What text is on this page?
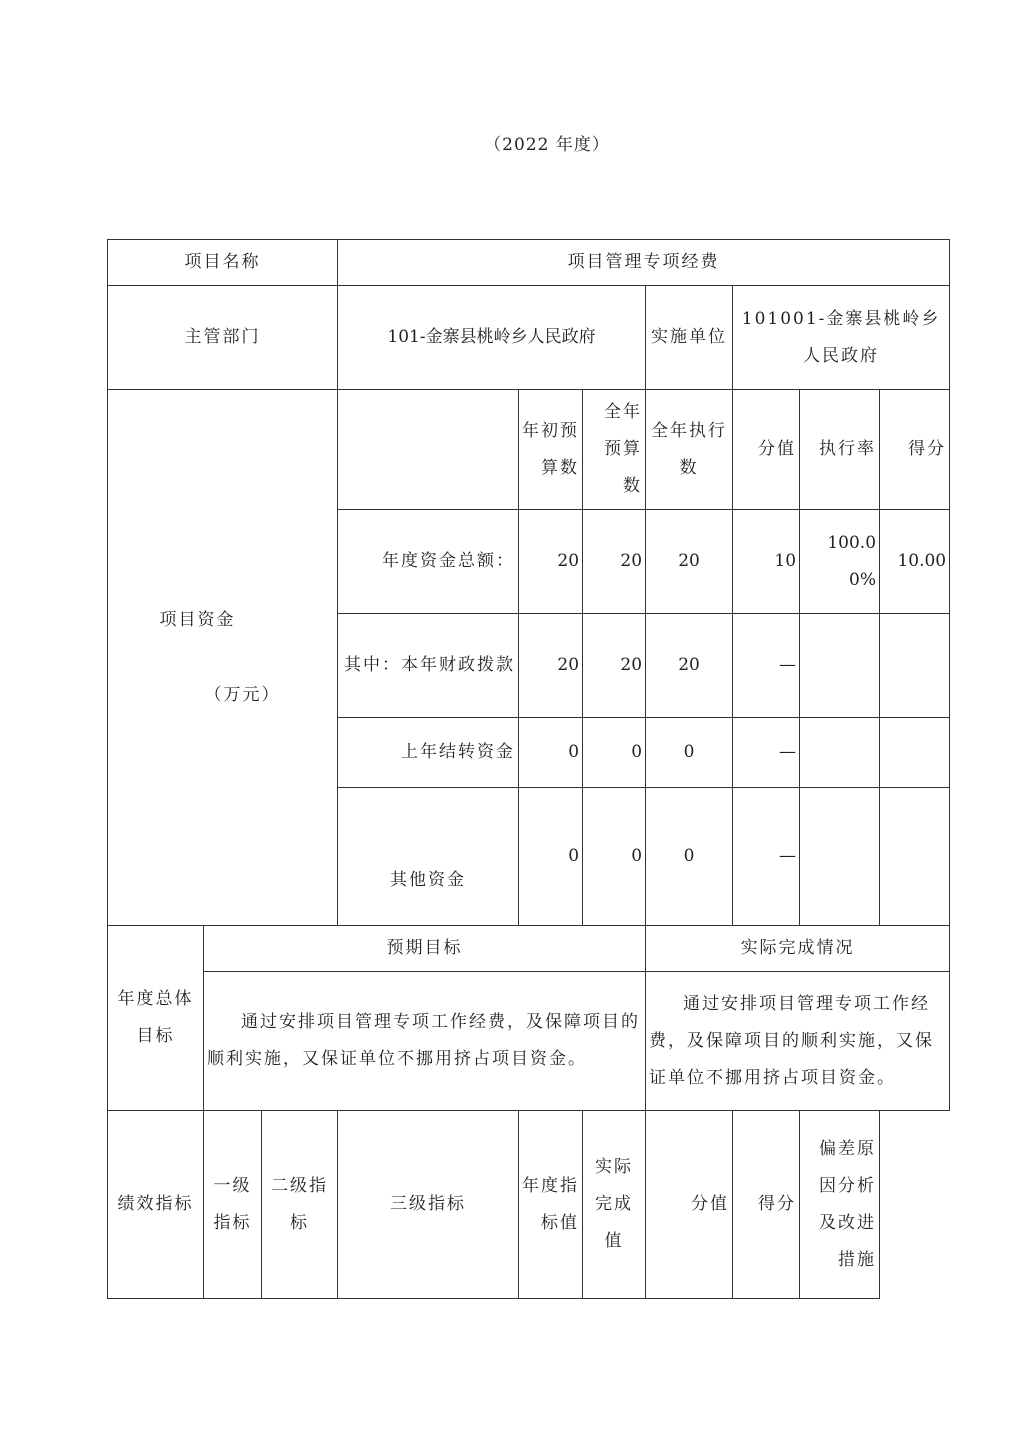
（2022 年度）
项目名称			项目管理专项经费						
主管部门			101-金寨县桃岭乡人民政府			实施单位	101001-金寨县桃岭乡人民政府		

项目资金
（万元）				年初预算数	全年预算数	全年执行数	分值	执行率	得分
			年度资金总额：	20	20	20	10	100.00%	10.00
			其中：本年财政拨款	20	20	20	—		
			上年结转资金	0	0	0	—		
			其他资金	0	0	0	—		
年度总体目标	预期目标					实际完成情况			
	通过安排项目管理专项工作经费，及保障项目的顺利实施，又保证单位不挪用挤占项目资金。					通过安排项目管理专项工作经费，及保障项目的顺利实施，又保证单位不挪用挤占项目资金。			
绩效指标	一级指标	二级指标	三级指标	年度指标值	实际完成值	分值	得分	偏差原因分析及改进措施	
